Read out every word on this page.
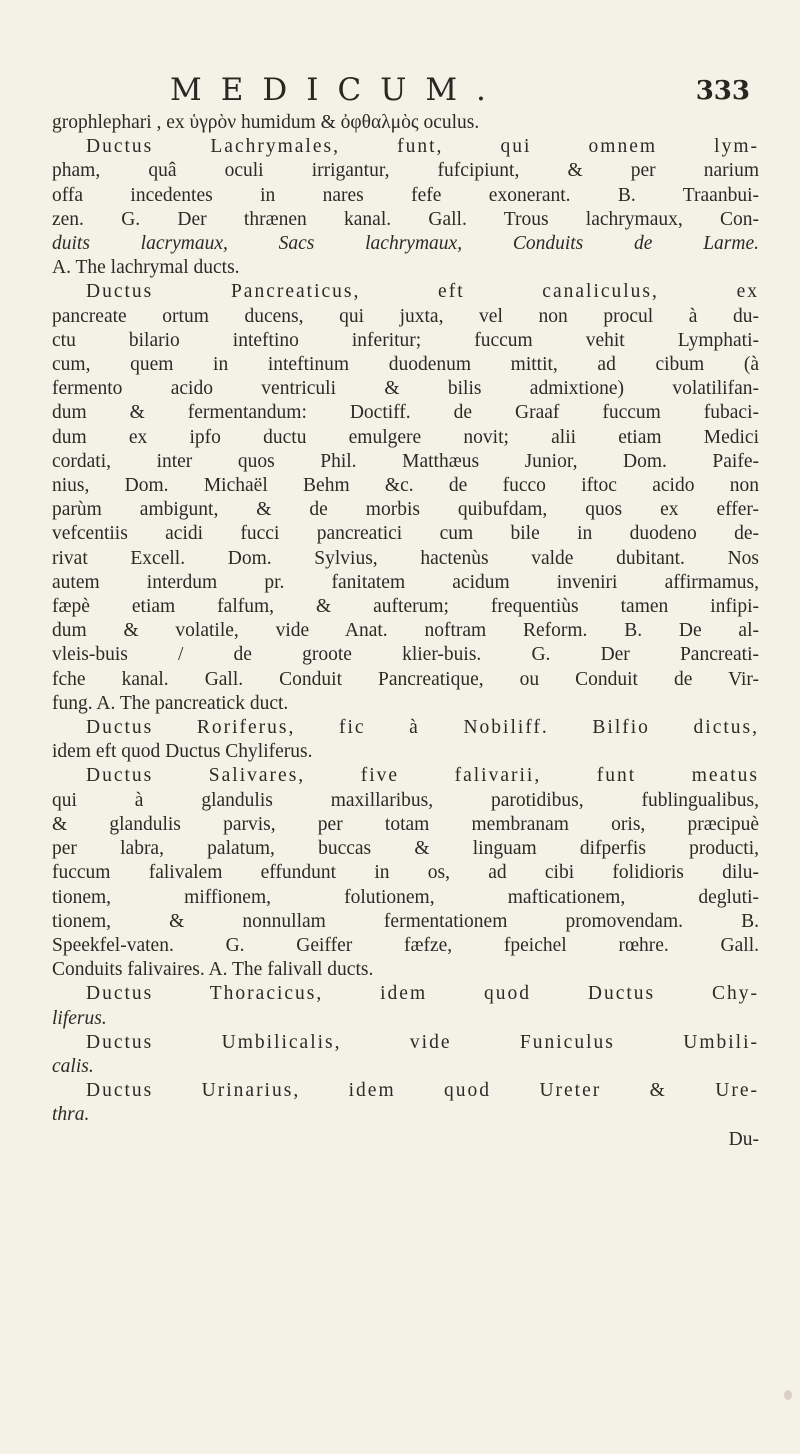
MEDICUM.	333

grophlephari , ex ὑγρὸν humidum & ὀφθαλμὸς oculus.

Ductus Lachrymales, funt, qui omnem lym-
pham, quâ oculi irrigantur, fufcipiunt, & per narium
offa incedentes in nares fefe exonerant. B. Traanbui-
zen. G. Der thrænen kanal. Gall. Trous lachrymaux, Con-
duits lacrymaux, Sacs lachrymaux, Conduits de Larme.
A. The lachrymal ducts.

Ductus Pancreaticus, eft canaliculus, ex
pancreate ortum ducens, qui juxta, vel non procul à du-
ctu bilario inteftino inferitur; fuccum vehit Lymphati-
cum, quem in inteftinum duodenum mittit, ad cibum (à
fermento acido ventriculi & bilis admixtione) volatilifan-
dum & fermentandum: Doctiff. de Graaf fuccum fubaci-
dum ex ipfo ductu emulgere novit; alii etiam Medici
cordati, inter quos Phil. Matthæus Junior, Dom. Paife-
nius, Dom. Michaël Behm &c. de fucco iftoc acido non
parùm ambigunt, & de morbis quibufdam, quos ex effer-
vefcentiis acidi fucci pancreatici cum bile in duodeno de-
rivat Excell. Dom. Sylvius, hactenùs valde dubitant. Nos
autem interdum pr. fanitatem acidum inveniri affirmamus,
fæpè etiam falfum, & aufterum; frequentiùs tamen infipi-
dum & volatile, vide Anat. noftram Reform. B. De al-
vleis-buis / de groote klier-buis. G. Der Pancreati-
fche kanal. Gall. Conduit Pancreatique, ou Conduit de Vir-
fung. A. The pancreatick duct.

Ductus Roriferus, fic à Nobiliff. Bilfio dictus,
idem eft quod Ductus Chyliferus.

Ductus Salivares, five falivarii, funt meatus
qui à glandulis maxillaribus, parotidibus, fublingualibus,
& glandulis parvis, per totam membranam oris, præcipuè
per labra, palatum, buccas & linguam difperfis producti,
fuccum falivalem effundunt in os, ad cibi folidioris dilu-
tionem, miffionem, folutionem, mafticationem, degluti-
tionem, & nonnullam fermentationem promovendam. B.
Speekfel-vaten. G. Geiffer fæfze, fpeichel rœhre. Gall.
Conduits falivaires. A. The falivall ducts.

Ductus Thoracicus, idem quod Ductus Chy-
liferus.

Ductus Umbilicalis, vide Funiculus Umbili-
calis.

Ductus Urinarius, idem quod Ureter & Ure-
thra.

Du-
